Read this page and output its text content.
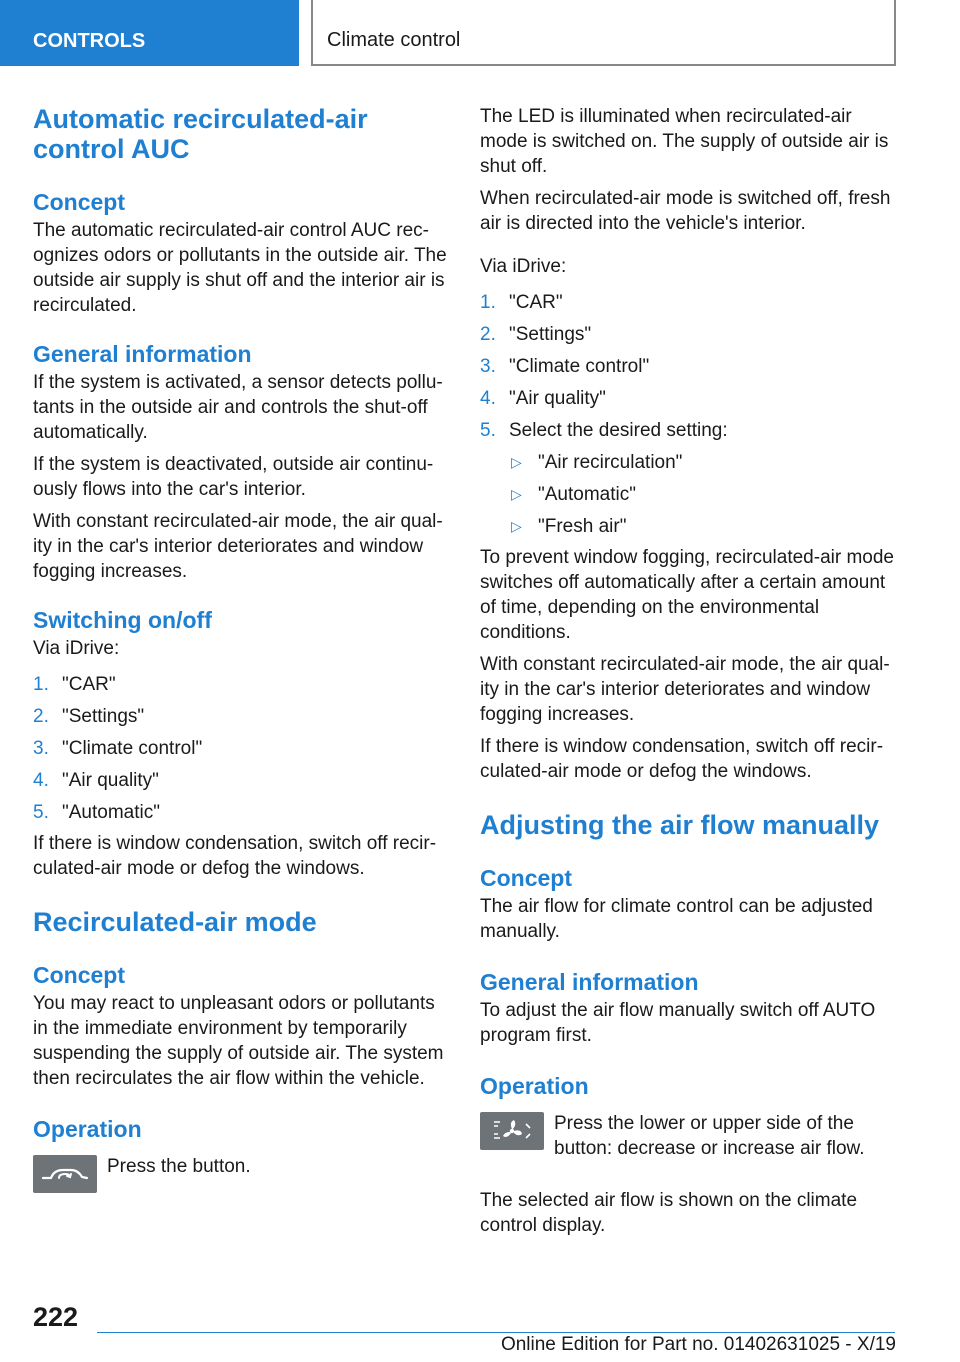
CONTROLS	Climate control
Automatic recirculated-air
control AUC
Concept

The automatic recirculated-air control AUC rec-ognizes odors or pollutants in the outside air. The outside air supply is shut off and the interior air is recirculated.

General information

If the system is activated, a sensor detects pollu-tants in the outside air and controls the shut-off automatically.

If the system is deactivated, outside air continu-ously flows into the car's interior.

With constant recirculated-air mode, the air qual-ity in the car's interior deteriorates and window fogging increases.

Switching on/off

Via iDrive:

1. "CAR"
2. "Settings"
3. "Climate control"
4. "Air quality"
5. "Automatic"

If there is window condensation, switch off recir-culated-air mode or defog the windows.

Recirculated-air mode
Concept

You may react to unpleasant odors or pollutants in the immediate environment by temporarily suspending the supply of outside air. The system then recirculates the air flow within the vehicle.

Operation

Press the button.

The LED is illuminated when recirculated-air mode is switched on. The supply of outside air is shut off.

When recirculated-air mode is switched off, fresh air is directed into the vehicle's interior.

Via iDrive:

1. "CAR"
2. "Settings"
3. "Climate control"
4. "Air quality"
5. Select the desired setting:
▷ "Air recirculation"
▷ "Automatic"
▷ "Fresh air"

To prevent window fogging, recirculated-air mode switches off automatically after a certain amount of time, depending on the environmental conditions.

With constant recirculated-air mode, the air qual-ity in the car's interior deteriorates and window fogging increases.

If there is window condensation, switch off recir-culated-air mode or defog the windows.

Adjusting the air flow manually
Concept

The air flow for climate control can be adjusted manually.

General information

To adjust the air flow manually switch off AUTO program first.

Operation

Press the lower or upper side of the button: decrease or increase air flow.

The selected air flow is shown on the climate control display.

222
Online Edition for Part no. 01402631025 - X/19
